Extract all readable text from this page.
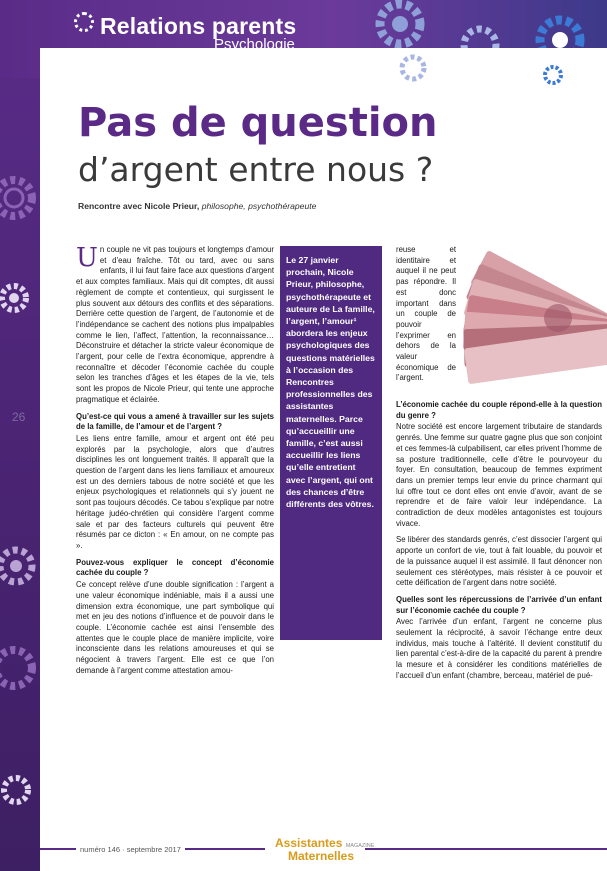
Relations parents
Psychologie
Pas de question
d’argent entre nous ?
Rencontre avec Nicole Prieur, philosophe, psychothérapeute
26

Un couple ne vit pas toujours et longtemps d’amour et d’eau fraîche. Tôt ou tard, avec ou sans enfants, il lui faut faire face aux questions d’argent et aux comptes familiaux. Mais qui dit comptes, dit aussi règlement de compte et contentieux, qui surgissent le plus souvent aux détours des conflits et des séparations. Derrière cette question de l’argent, de l’autonomie et de l’indépendance se cachent des notions plus impalpables comme le lien, l’affect, l’attention, la reconnaissance… Déconstruire et détacher la stricte valeur économique de l’argent, pour celle de l’extra économique, apprendre à reconnaître et décoder l’économie cachée du couple selon les tranches d’âges et les étapes de la vie, tels sont les propos de Nicole Prieur, qui tente une approche pragmatique et éclairée.

Qu’est-ce qui vous a amené à travailler sur les sujets de la famille, de l’amour et de l’argent ?

Les liens entre famille, amour et argent ont été peu explorés par la psychologie, alors que d’autres disciplines les ont longuement traités. Il apparaît que la question de l’argent dans les liens familiaux et amoureux est un des derniers tabous de notre société et que les enjeux psychologiques et relationnels qui s’y jouent ne sont pas toujours décodés. Ce tabou s’explique par notre héritage judéo-chrétien qui considère l’argent comme sale et par des facteurs culturels qui peuvent être résumés par ce dicton : « En amour, on ne compte pas ».

Pouvez-vous expliquer le concept d’économie cachée du couple ?

Ce concept relève d’une double signification : l’argent a une valeur économique indéniable, mais il a aussi une dimension extra économique, une part symbolique qui met en jeu des notions d’influence et de pouvoir dans le couple. L’économie cachée est ainsi l’ensemble des attentes que le couple place de manière implicite, voire inconsciente dans les relations amoureuses et qui se négocient à travers l’argent. Elle est ce que l’on demande à l’argent comme attestation amou-

Le 27 janvier prochain, Nicole Prieur, philosophe, psychothérapeute et auteure de La famille, l’argent, l’amour¹ abordera les enjeux psychologiques des questions matérielles à l’occasion des Rencontres professionnelles des assistantes maternelles. Parce qu’accueillir une famille, c’est aussi accueillir les liens qu’elle entretient avec l’argent, qui ont des chances d’être différents des vôtres.
reuse et identitaire et auquel il ne peut pas répondre. Il est donc important dans un couple de pouvoir l’exprimer en dehors de la valeur économique de l’argent.

L’économie cachée du couple répond-elle à la question du genre ?

Notre société est encore largement tributaire de standards genrés. Une femme sur quatre gagne plus que son conjoint et ces femmes-là culpabilisent, car elles privent l’homme de sa posture traditionnelle, celle d’être le pourvoyeur du foyer. En consultation, beaucoup de femmes expriment dans un premier temps leur envie du prince charmant qui lui offre tout ce dont elles ont envie d’avoir, avant de se reprendre et de faire valoir leur indépendance. La contradiction de deux modèles antagonistes est toujours vivace.

Se libérer des standards genrés, c’est dissocier l’argent qui apporte un confort de vie, tout à fait louable, du pouvoir et de la puissance auquel il est assimilé. Il faut dénoncer non seulement ces stéréotypes, mais résister à ce pouvoir et cette déification de l’argent dans notre société.

Quelles sont les répercussions de l’arrivée d’un enfant sur l’économie cachée du couple ?

Avec l’arrivée d’un enfant, l’argent ne concerne plus seulement la réciprocité, à savoir l’échange entre deux individus, mais touche à l’altérité. Il devient constitutif du lien parental c’est-à-dire de la capacité du parent à prendre la mesure et à considérer les conditions matérielles de l’accueil d’un enfant (chambre, berceau, matériel de pué-

numéro 146 · septembre 2017	Assistantes MAGAZINE
Maternelles
